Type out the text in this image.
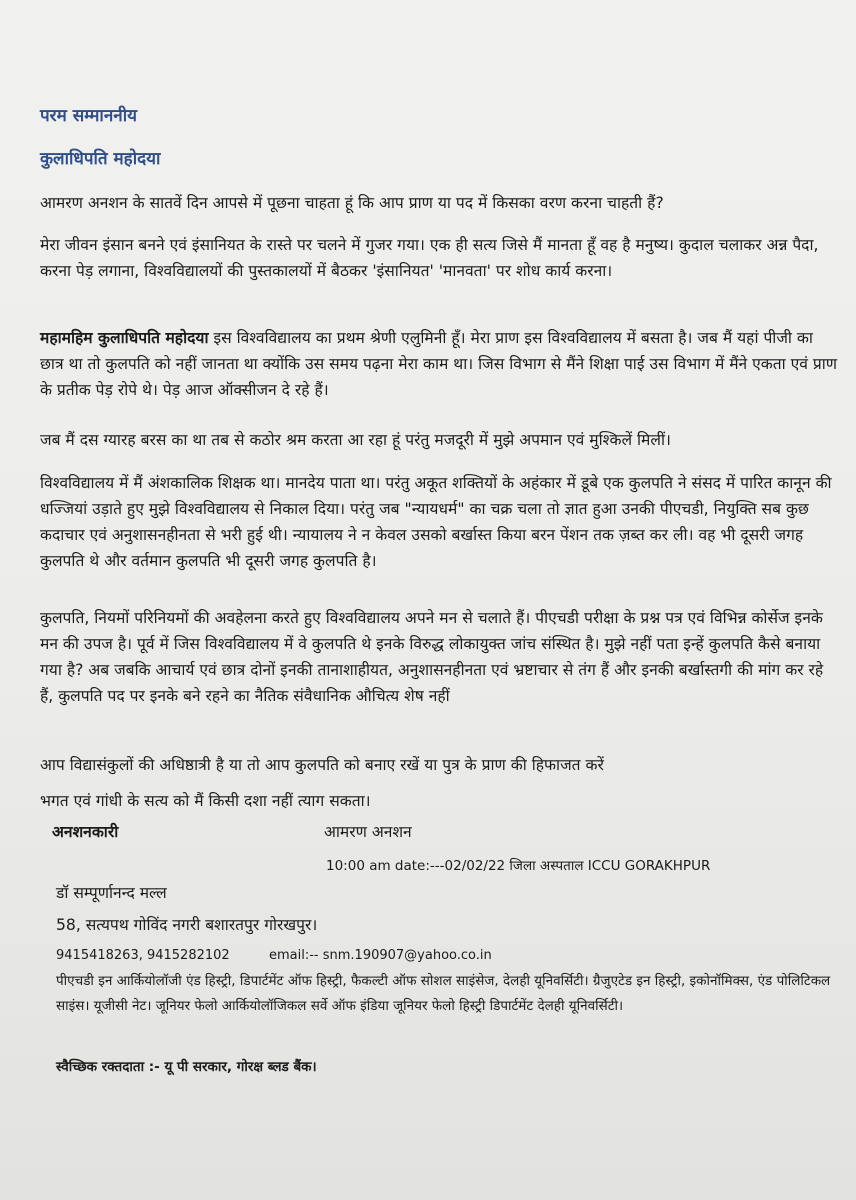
परम सम्माननीय
कुलाधिपति महोदया

आमरण अनशन के सातवें दिन आपसे में पूछना चाहता हूं कि आप प्राण या पद में किसका वरण करना चाहती हैं?

मेरा जीवन इंसान बनने एवं इंसानियत के रास्ते पर चलने में गुजर गया। एक ही सत्य जिसे मैं मानता हूँ वह है मनुष्य। कुदाल चलाकर अन्न पैदा, करना पेड़ लगाना, विश्वविद्यालयों की पुस्तकालयों में बैठकर 'इंसानियत' 'मानवता' पर शोध कार्य करना।

महामहिम कुलाधिपति महोदया इस विश्वविद्यालय का प्रथम श्रेणी एलुमिनी हूँ। मेरा प्राण इस विश्वविद्यालय में बसता है। जब मैं यहां पीजी का छात्र था तो कुलपति को नहीं जानता था क्योंकि उस समय पढ़ना मेरा काम था। जिस विभाग से मैंने शिक्षा पाई उस विभाग में मैंने एकता एवं प्राण के प्रतीक पेड़ रोपे थे। पेड़ आज ऑक्सीजन दे रहे हैं।

जब मैं दस ग्यारह बरस का था तब से कठोर श्रम करता आ रहा हूं परंतु मजदूरी में मुझे अपमान एवं मुश्किलें मिलीं।

विश्वविद्यालय में मैं अंशकालिक शिक्षक था। मानदेय पाता था। परंतु अकूत शक्तियों के अहंकार में डूबे एक कुलपति ने संसद में पारित कानून की धज्जियां उड़ाते हुए मुझे विश्वविद्यालय से निकाल दिया। परंतु जब "न्यायधर्म" का चक्र चला तो ज्ञात हुआ उनकी पीएचडी, नियुक्ति सब कुछ कदाचार एवं अनुशासनहीनता से भरी हुई थी। न्यायालय ने न केवल उसको बर्खास्त किया बरन पेंशन तक ज़ब्त कर ली। वह भी दूसरी जगह कुलपति थे और वर्तमान कुलपति भी दूसरी जगह कुलपति है।

कुलपति, नियमों परिनियमों की अवहेलना करते हुए विश्वविद्यालय अपने मन से चलाते हैं। पीएचडी परीक्षा के प्रश्न पत्र एवं विभिन्न कोर्सेज इनके मन की उपज है। पूर्व में जिस विश्वविद्यालय में वे कुलपति थे इनके विरुद्ध लोकायुक्त जांच संस्थित है। मुझे नहीं पता इन्हें कुलपति कैसे बनाया गया है? अब जबकि आचार्य एवं छात्र दोनों इनकी तानाशाहीयत, अनुशासनहीनता एवं भ्रष्टाचार से तंग हैं और इनकी बर्खास्तगी की मांग कर रहे हैं, कुलपति पद पर इनके बने रहने का नैतिक संवैधानिक औचित्य शेष नहीं

आप विद्यासंकुलों की अधिष्ठात्री है या तो आप कुलपति को बनाए रखें या पुत्र के प्राण की हिफाजत करें

भगत एवं गांधी के सत्य को मैं किसी दशा नहीं त्याग सकता।

अनशनकारी	आमरण अनशन
10:00 am date:---02/02/22 जिला अस्पताल ICCU GORAKHPUR
डॉ सम्पूर्णानन्द मल्ल
58, सत्यपथ गोविंद नगरी बशारतपुर गोरखपुर।
9415418263, 9415282102	email:-- snm.190907@yahoo.co.in

पीएचडी इन आर्कियोलॉजी एंड हिस्ट्री, डिपार्टमेंट ऑफ हिस्ट्री, फैकल्टी ऑफ सोशल साइंसेज, देलही यूनिवर्सिटी। ग्रैजुएटेड इन हिस्ट्री, इकोनॉमिक्स, एंड पोलिटिकल साइंस। यूजीसी नेट। जूनियर फेलो आर्कियोलॉजिकल सर्वे ऑफ इंडिया जूनियर फेलो हिस्ट्री डिपार्टमेंट देलही यूनिवर्सिटी।

स्वैच्छिक रक्तदाता :- यू पी सरकार, गोरक्ष ब्लड बैंक।
